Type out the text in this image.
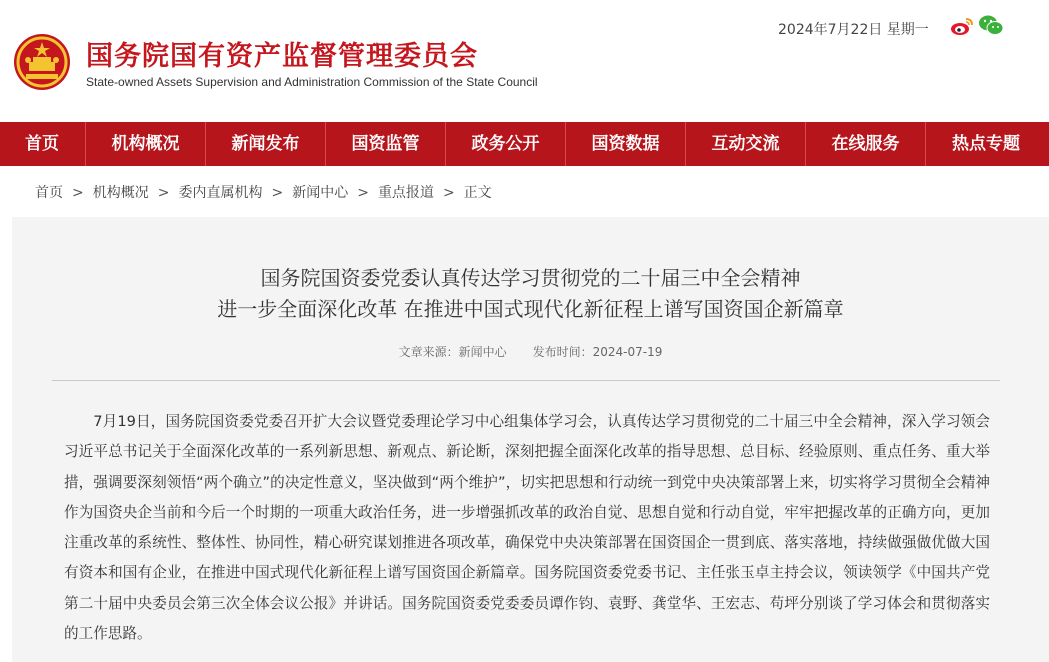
国务院国有资产监督管理委员会
State-owned Assets Supervision and Administration Commission of the State Council
2024年7月22日 星期一
首页	机构概况	新闻发布	国资监管	政务公开	国资数据	互动交流	在线服务	热点专题
首页 > 机构概况 > 委内直属机构 > 新闻中心 > 重点报道 > 正文
国务院国资委党委认真传达学习贯彻党的二十届三中全会精神
进一步全面深化改革 在推进中国式现代化新征程上谱写国资国企新篇章
文章来源：新闻中心 发布时间：2024-07-19

7月19日，国务院国资委党委召开扩大会议暨党委理论学习中心组集体学习会，认真传达学习贯彻党的二十届三中全会精神，深入学习领会习近平总书记关于全面深化改革的一系列新思想、新观点、新论断，深刻把握全面深化改革的指导思想、总目标、经验原则、重点任务、重大举措，强调要深刻领悟“两个确立”的决定性意义，坚决做到“两个维护”，切实把思想和行动统一到党中央决策部署上来，切实将学习贯彻全会精神作为国资央企当前和今后一个时期的一项重大政治任务，进一步增强抓改革的政治自觉、思想自觉和行动自觉，牢牢把握改革的正确方向，更加注重改革的系统性、整体性、协同性，精心研究谋划推进各项改革，确保党中央决策部署在国资国企一贯到底、落实落地，持续做强做优做大国有资本和国有企业，在推进中国式现代化新征程上谱写国资国企新篇章。国务院国资委党委书记、主任张玉卓主持会议，领读领学《中国共产党第二十届中央委员会第三次全体会议公报》并讲话。国务院国资委党委委员谭作钧、袁野、龚堂华、王宏志、苟坪分别谈了学习体会和贯彻落实的工作思路。
